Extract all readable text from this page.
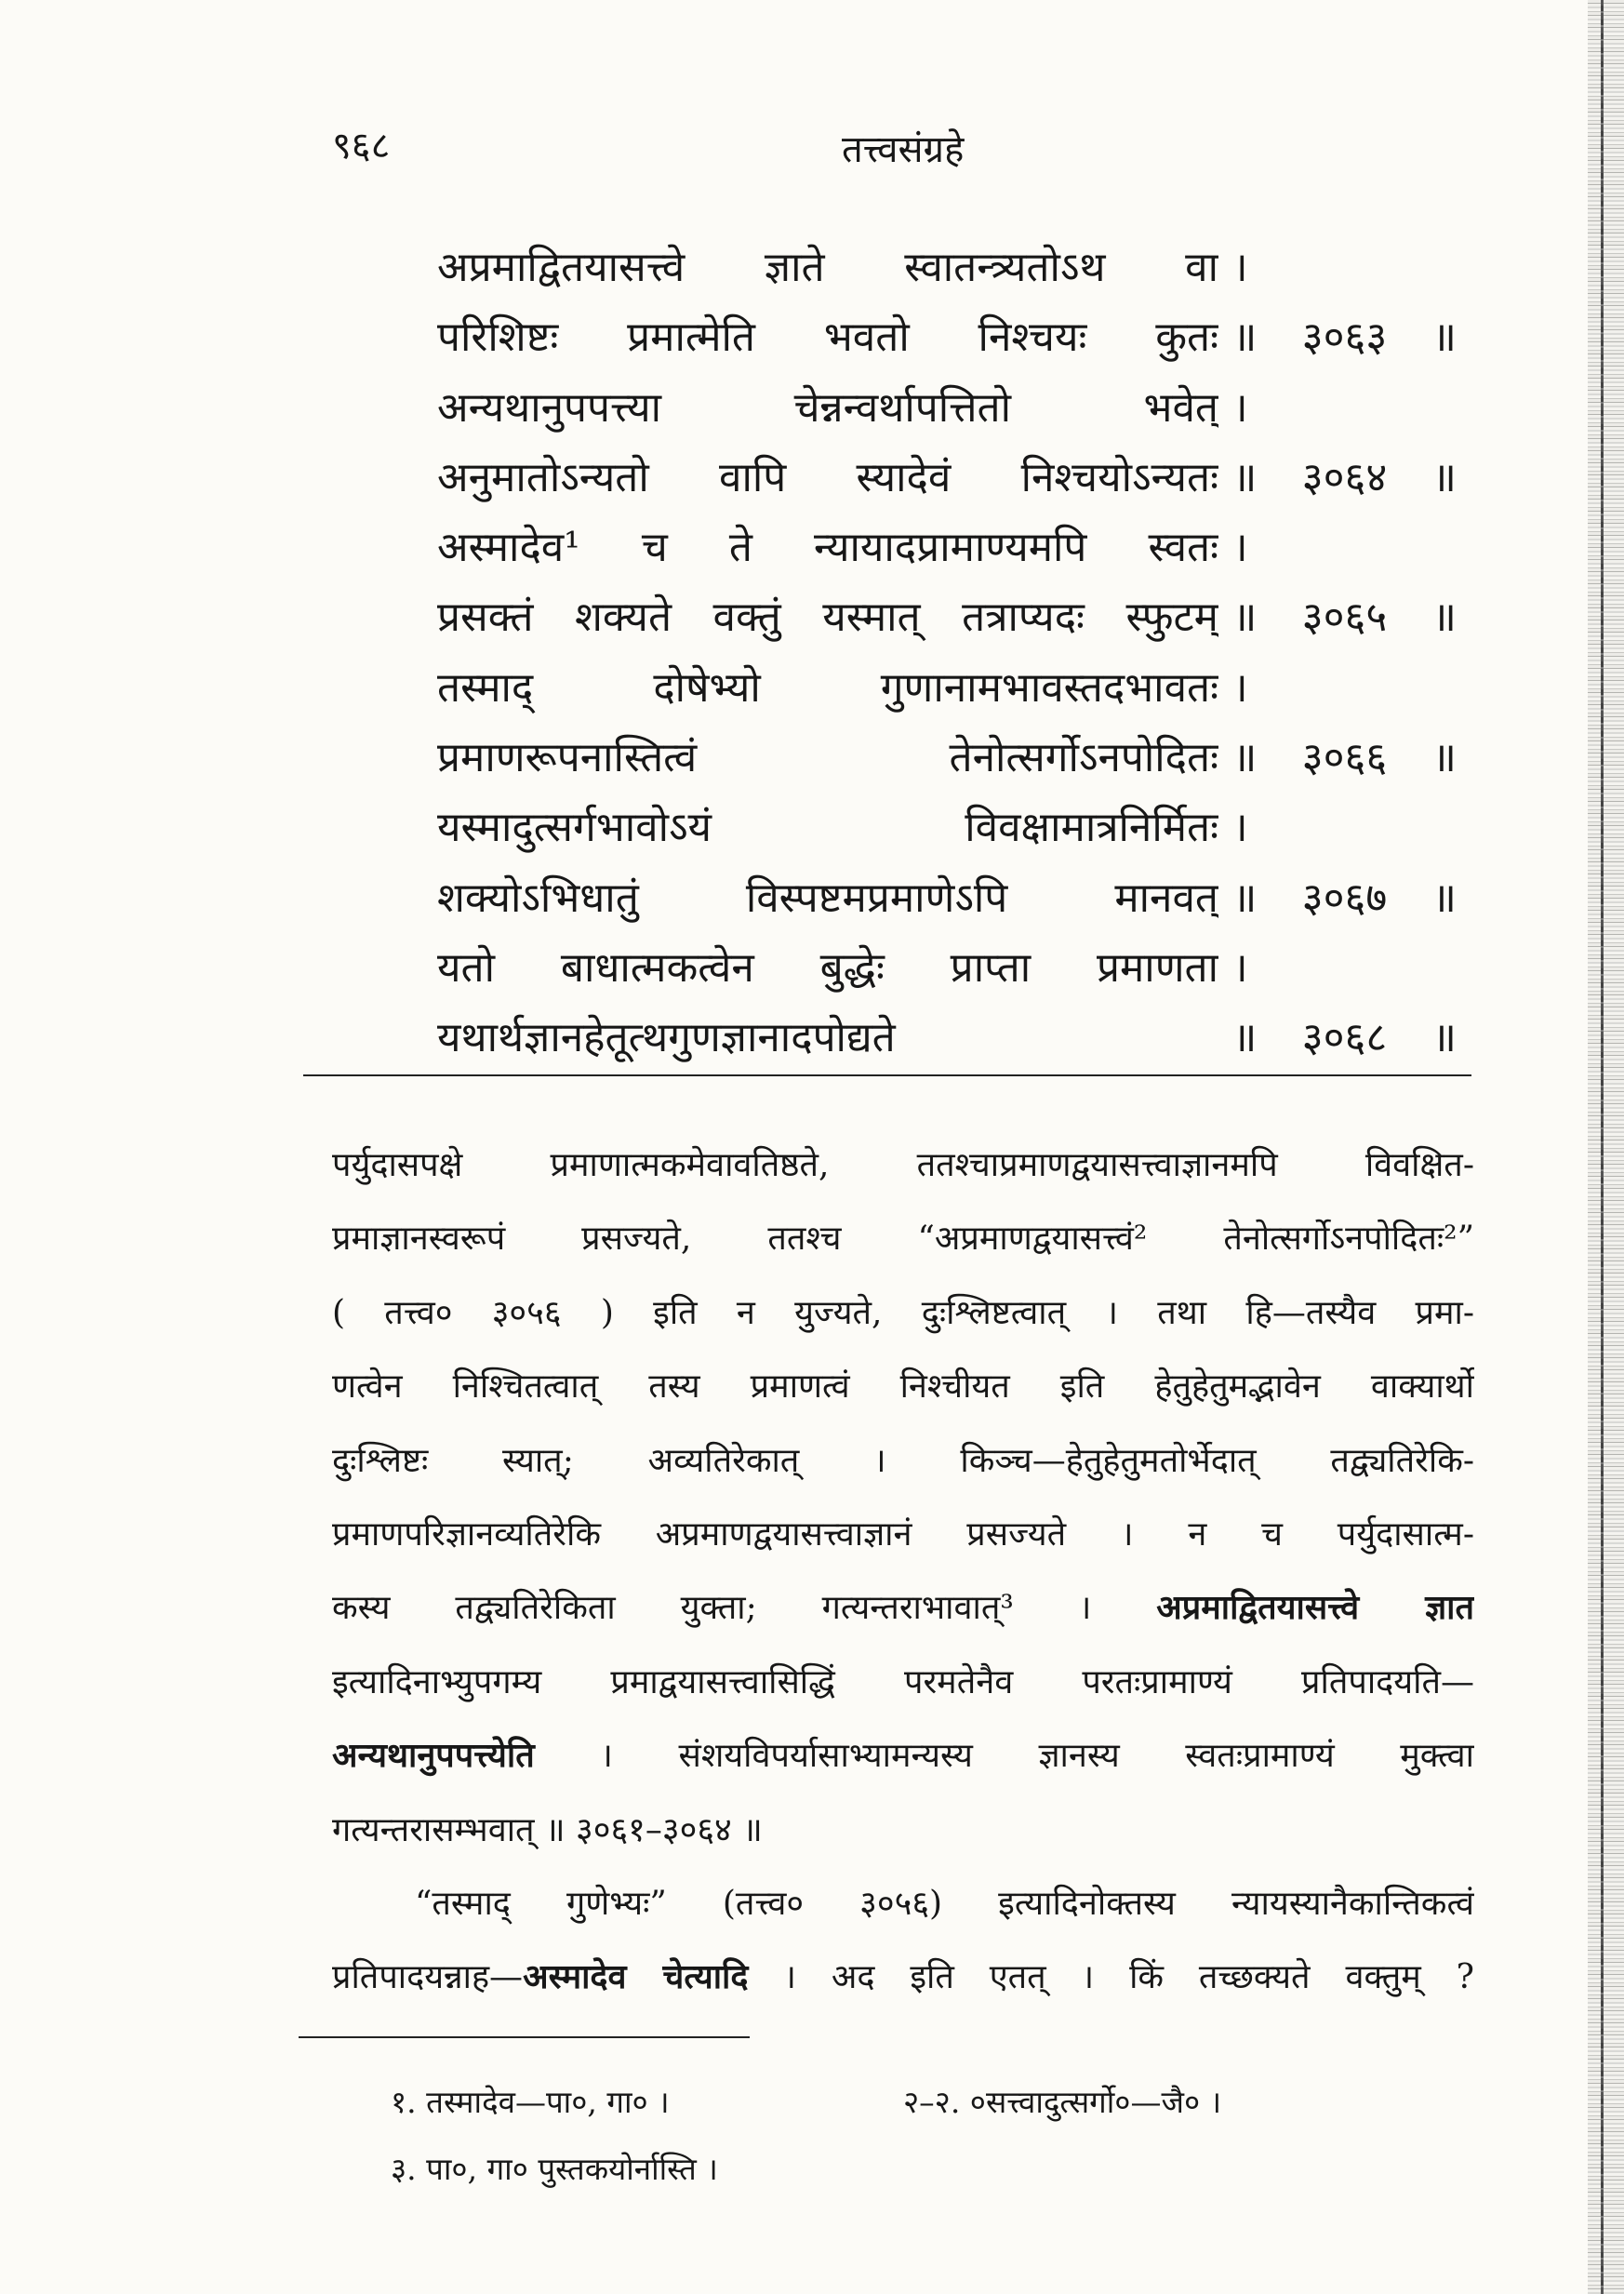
९६८	तत्त्वसंग्रहे
अप्रमाद्वितयासत्त्वे ज्ञाते स्वातन्त्र्यतोऽथ वा ।
परिशिष्टः प्रमात्मेति भवतो निश्चयः कुतः ॥ ३०६३ ॥
अन्यथानुपपत्त्या चेन्नन्वर्थापत्तितो भवेत् ।
अनुमातोऽन्यतो वापि स्यादेवं निश्चयोऽन्यतः ॥ ३०६४ ॥
अस्मादेव¹ च ते न्यायादप्रामाण्यमपि स्वतः ।
प्रसक्तं शक्यते वक्तुं यस्मात् तत्राप्यदः स्फुटम् ॥ ३०६५ ॥
तस्माद् दोषेभ्यो गुणानामभावस्तदभावतः ।
प्रमाणरूपनास्तित्वं तेनोत्सर्गोऽनपोदितः ॥ ३०६६ ॥
यस्मादुत्सर्गभावोऽयं विवक्षामात्रनिर्मितः ।
शक्योऽभिधातुं विस्पष्टमप्रमाणेऽपि मानवत् ॥ ३०६७ ॥
यतो बाधात्मकत्वेन बुद्धेः प्राप्ता प्रमाणता ।
यथार्थज्ञानहेतूत्थगुणज्ञानादपोद्यते	॥ ३०६८ ॥
पर्युदासपक्षे प्रमाणात्मकमेवावतिष्ठते, ततश्चाप्रमाणद्वयासत्त्वाज्ञानमपि विवक्षित-
प्रमाज्ञानस्वरूपं प्रसज्यते, ततश्च “अप्रमाणद्वयासत्त्वं² तेनोत्सर्गोऽनपोदितः²”
( तत्त्व० ३०५६ ) इति न युज्यते, दुःश्लिष्टत्वात् । तथा हि—तस्यैव प्रमा-
णत्वेन निश्चितत्वात् तस्य प्रमाणत्वं निश्चीयत इति हेतुहेतुमद्भावेन वाक्यार्थो
दुःश्लिष्टः स्यात्; अव्यतिरेकात् । किञ्च—हेतुहेतुमतोर्भेदात् तद्व्यतिरेकि-
प्रमाणपरिज्ञानव्यतिरेकि अप्रमाणद्वयासत्त्वाज्ञानं प्रसज्यते । न च पर्युदासात्म-
कस्य तद्व्यतिरेकिता युक्ता; गत्यन्तराभावात्³ । अप्रमाद्वितयासत्त्वे ज्ञात
इत्यादिनाभ्युपगम्य प्रमाद्वयासत्त्वासिद्धिं परमतेनैव परतःप्रामाण्यं प्रतिपादयति—
अन्यथानुपपत्त्येति । संशयविपर्यासाभ्यामन्यस्य ज्ञानस्य स्वतःप्रामाण्यं मुक्त्वा
गत्यन्तरासम्भवात् ॥ ३०६१–३०६४ ॥
“तस्माद् गुणेभ्यः” (तत्त्व० ३०५६) इत्यादिनोक्तस्य न्यायस्यानैकान्तिकत्वं
प्रतिपादयन्नाह—अस्मादेव चेत्यादि । अद इति एतत् । किं तच्छक्यते वक्तुम् ?
१. तस्मादेव—पा०, गा० ।	२–२. ०सत्त्वादुत्सर्गो०—जै० ।
३. पा०, गा० पुस्तकयोर्नास्ति ।
